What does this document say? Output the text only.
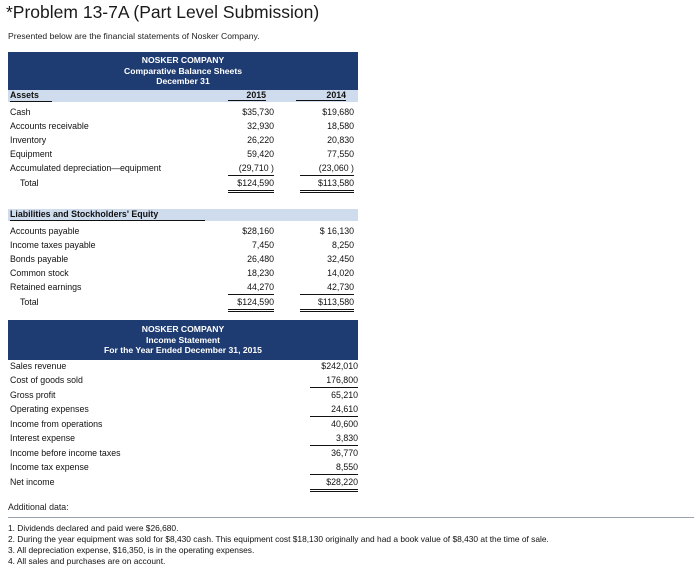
*Problem 13-7A (Part Level Submission)
Presented below are the financial statements of Nosker Company.
NOSKER COMPANY
Comparative Balance Sheets
December 31
Assets	2015	2014
Cash	$35,730	$19,680
Accounts receivable	32,930	18,580
Inventory	26,220	20,830
Equipment	59,420	77,550
Accumulated depreciation—equipment	(29,710 )	(23,060 )
Total	$124,590	$113,580
Liabilities and Stockholders' Equity
Accounts payable	$28,160	$ 16,130
Income taxes payable	7,450	8,250
Bonds payable	26,480	32,450
Common stock	18,230	14,020
Retained earnings	44,270	42,730
Total	$124,590	$113,580
NOSKER COMPANY
Income Statement
For the Year Ended December 31, 2015
Sales revenue	$242,010
Cost of goods sold	176,800
Gross profit	65,210
Operating expenses	24,610
Income from operations	40,600
Interest expense	3,830
Income before income taxes	36,770
Income tax expense	8,550
Net income	$28,220
Additional data:
1. Dividends declared and paid were $26,680.
2. During the year equipment was sold for $8,430 cash. This equipment cost $18,130 originally and had a book value of $8,430 at the time of sale.
3. All depreciation expense, $16,350, is in the operating expenses.
4. All sales and purchases are on account.
